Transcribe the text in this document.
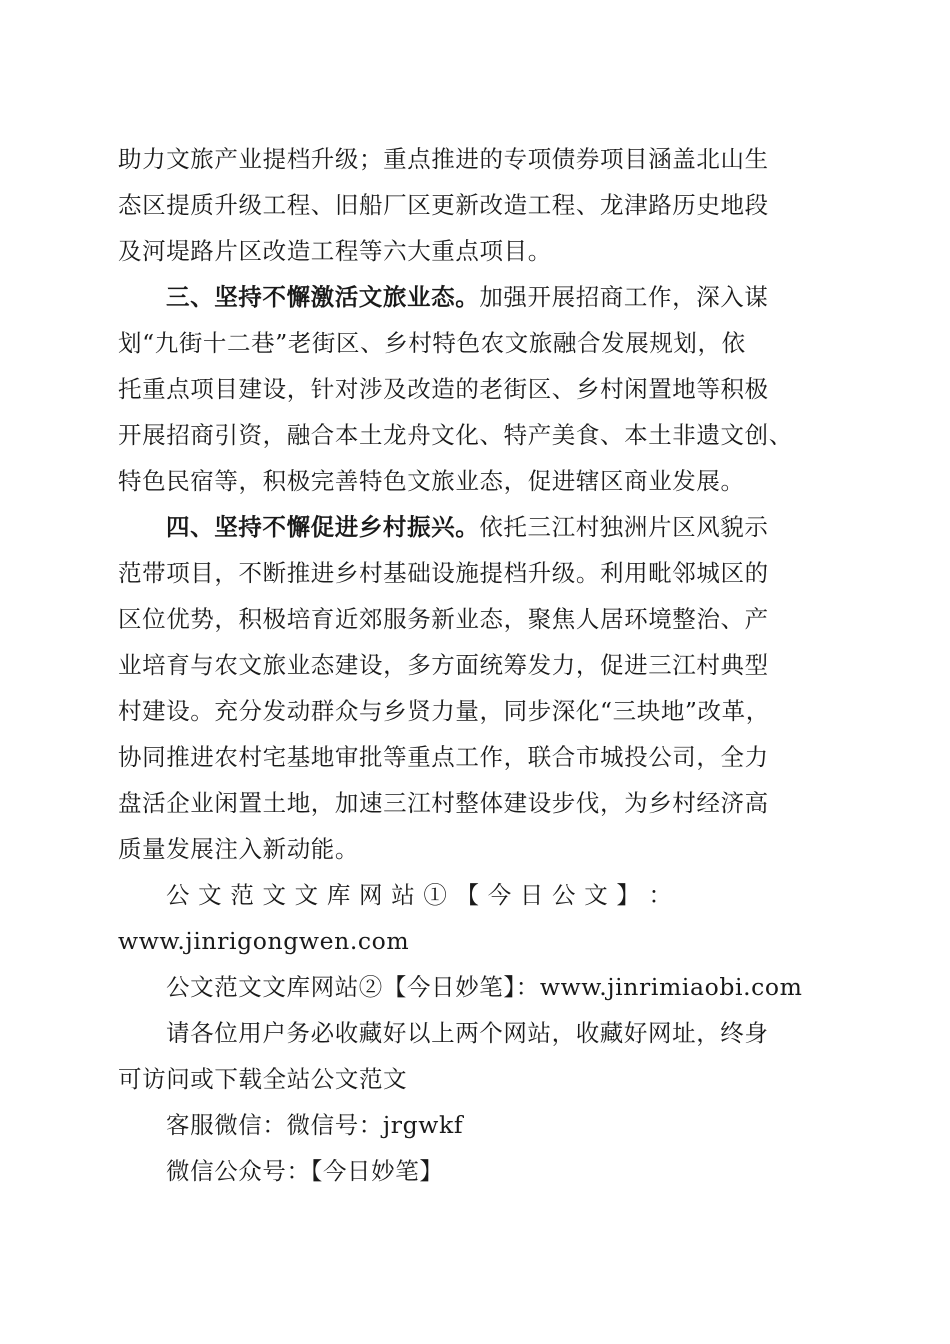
助力文旅产业提档升级；重点推进的专项债券项目涵盖北山生
态区提质升级工程、旧船厂区更新改造工程、龙津路历史地段
及河堤路片区改造工程等六大重点项目。
三、坚持不懈激活文旅业态。加强开展招商工作，深入谋
划“九街十二巷”老街区、乡村特色农文旅融合发展规划，依
托重点项目建设，针对涉及改造的老街区、乡村闲置地等积极
开展招商引资，融合本土龙舟文化、特产美食、本土非遗文创、
特色民宿等，积极完善特色文旅业态，促进辖区商业发展。
四、坚持不懈促进乡村振兴。依托三江村独洲片区风貌示
范带项目，不断推进乡村基础设施提档升级。利用毗邻城区的
区位优势，积极培育近郊服务新业态，聚焦人居环境整治、产
业培育与农文旅业态建设，多方面统筹发力，促进三江村典型
村建设。充分发动群众与乡贤力量，同步深化“三块地”改革，
协同推进农村宅基地审批等重点工作，联合市城投公司，全力
盘活企业闲置土地，加速三江村整体建设步伐，为乡村经济高
质量发展注入新动能。
公 文 范 文 文 库 网 站 ① 【 今 日 公 文 】 ：
www.jinrigongwen.com
公文范文文库网站②【今日妙笔】：www.jinrimiaobi.com
请各位用户务必收藏好以上两个网站，收藏好网址，终身
可访问或下载全站公文范文
客服微信：微信号：jrgwkf
微信公众号：【今日妙笔】
